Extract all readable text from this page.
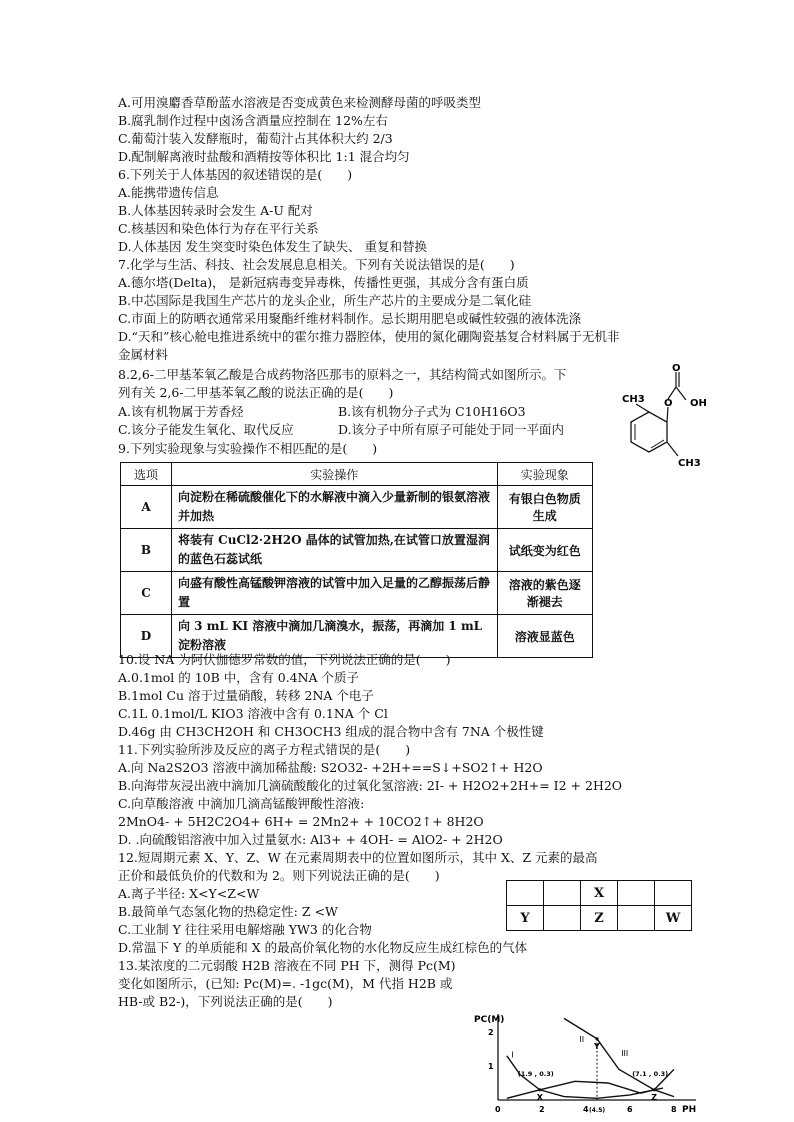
A.可用溴麝香草酚蓝水溶液是否变成黄色来检测酵母菌的呼吸类型
B.腐乳制作过程中卤汤含酒量应控制在 12%左右
C.葡萄汁装入发酵瓶时，葡萄汁占其体积大约 2/3
D.配制解离液时盐酸和酒精按等体积比 1:1 混合均匀
6.下列关于人体基因的叙述错误的是(　　)
A.能携带遗传信息
B.人体基因转录时会发生 A-U 配对
C.核基因和染色体行为存在平行关系
D.人体基因 发生突变时染色体发生了缺失、 重复和替换
7.化学与生活、科技、社会发展息息相关。下列有关说法错误的是(　　)
A.德尔塔(Delta)， 是新冠病毒变异毒株，传播性更强，其成分含有蛋白质
B.中芯国际是我国生产芯片的龙头企业，所生产芯片的主要成分是二氧化硅
C.市面上的防晒衣通常采用聚酯纤维材料制作。忌长期用肥皂或碱性较强的液体洗涤
D.“天和”核心舱电推进系统中的霍尔推力器腔体，使用的氮化硼陶瓷基复合材料属于无机非
金属材料
8.2,6-二甲基苯氧乙酸是合成药物洛匹那韦的原料之一，其结构简式如图所示。下
列有关 2,6-二甲基苯氧乙酸的说法正确的是(　　)
A.该有机物属于芳香烃	B.该有机物分子式为 C10H16O3
C.该分子能发生氧化、取代反应	D.该分子中所有原子可能处于同一平面内
9.下列实验现象与实验操作不相匹配的是(　　)
CH3 O
O
OH
CH3
选项	实验操作	实验现象
A	向淀粉在稀硫酸催化下的水解液中滴入少量新制的银氨溶液并加热	有银白色物质生成
B	将装有 CuCl2·2H2O 晶体的试管加热,在试管口放置湿润的蓝色石蕊试纸	试纸变为红色
C	向盛有酸性高锰酸钾溶液的试管中加入足量的乙醇振荡后静置	溶液的紫色逐渐褪去
D	向 3 mL KI 溶液中滴加几滴溴水，振荡，再滴加 1 mL 淀粉溶液	溶液显蓝色
10.设 NA 为阿伏伽德罗常数的值，下列说法正确的是(　　)
A.0.1mol 的 10B 中，含有 0.4NA 个质子
B.1mol Cu 溶于过量硝酸，转移 2NA 个电子
C.1L 0.1mol/L KIO3 溶液中含有 0.1NA 个 Cl
D.46g 由 CH3CH2OH 和 CH3OCH3 组成的混合物中含有 7NA 个极性键
11.下列实验所涉及反应的离子方程式错误的是(　　)
A.向 Na2S2O3 溶液中滴加稀盐酸: S2O32- +2H+==S↓+SO2↑+ H2O
B.向海带灰浸出液中滴加几滴硫酸酸化的过氧化氢溶液: 2I- + H2O2+2H+= I2 + 2H2O
C.向草酸溶液 中滴加几滴高锰酸钾酸性溶液:
2MnO4- + 5H2C2O4+ 6H+ = 2Mn2+ + 10CO2↑+ 8H2O
D. .向硫酸铝溶液中加入过量氨水: Al3+ + 4OH- = AlO2- + 2H2O
12.短周期元素 X、Y、Z、W 在元素周期表中的位置如图所示，其中 X、Z 元素的最高
正价和最低负价的代数和为 2。则下列说法正确的是(　　)
A.离子半径: X<Y<Z<W
B.最简单气态氢化物的热稳定性: Z <W
C.工业制 Y 往往采用电解熔融 YW3 的化合物
D.常温下 Y 的单质能和 X 的最高价氧化物的水化物反应生成红棕色的气体
13.某浓度的二元弱酸 H2B 溶液在不同 PH 下，测得 Pc(M)
变化如图所示，(已知: Pc(M)=. -1gc(M)，M 代指 H2B 或
HB-或 B2-)，下列说法正确的是(　　)
		X		
Y		Z		W
PC(M)
PH
0	2	4 (4.5)	6	8
2
1
I
II
III
X
(1.9 , 0.3)
Y
Z
(7.1 , 0.3)
